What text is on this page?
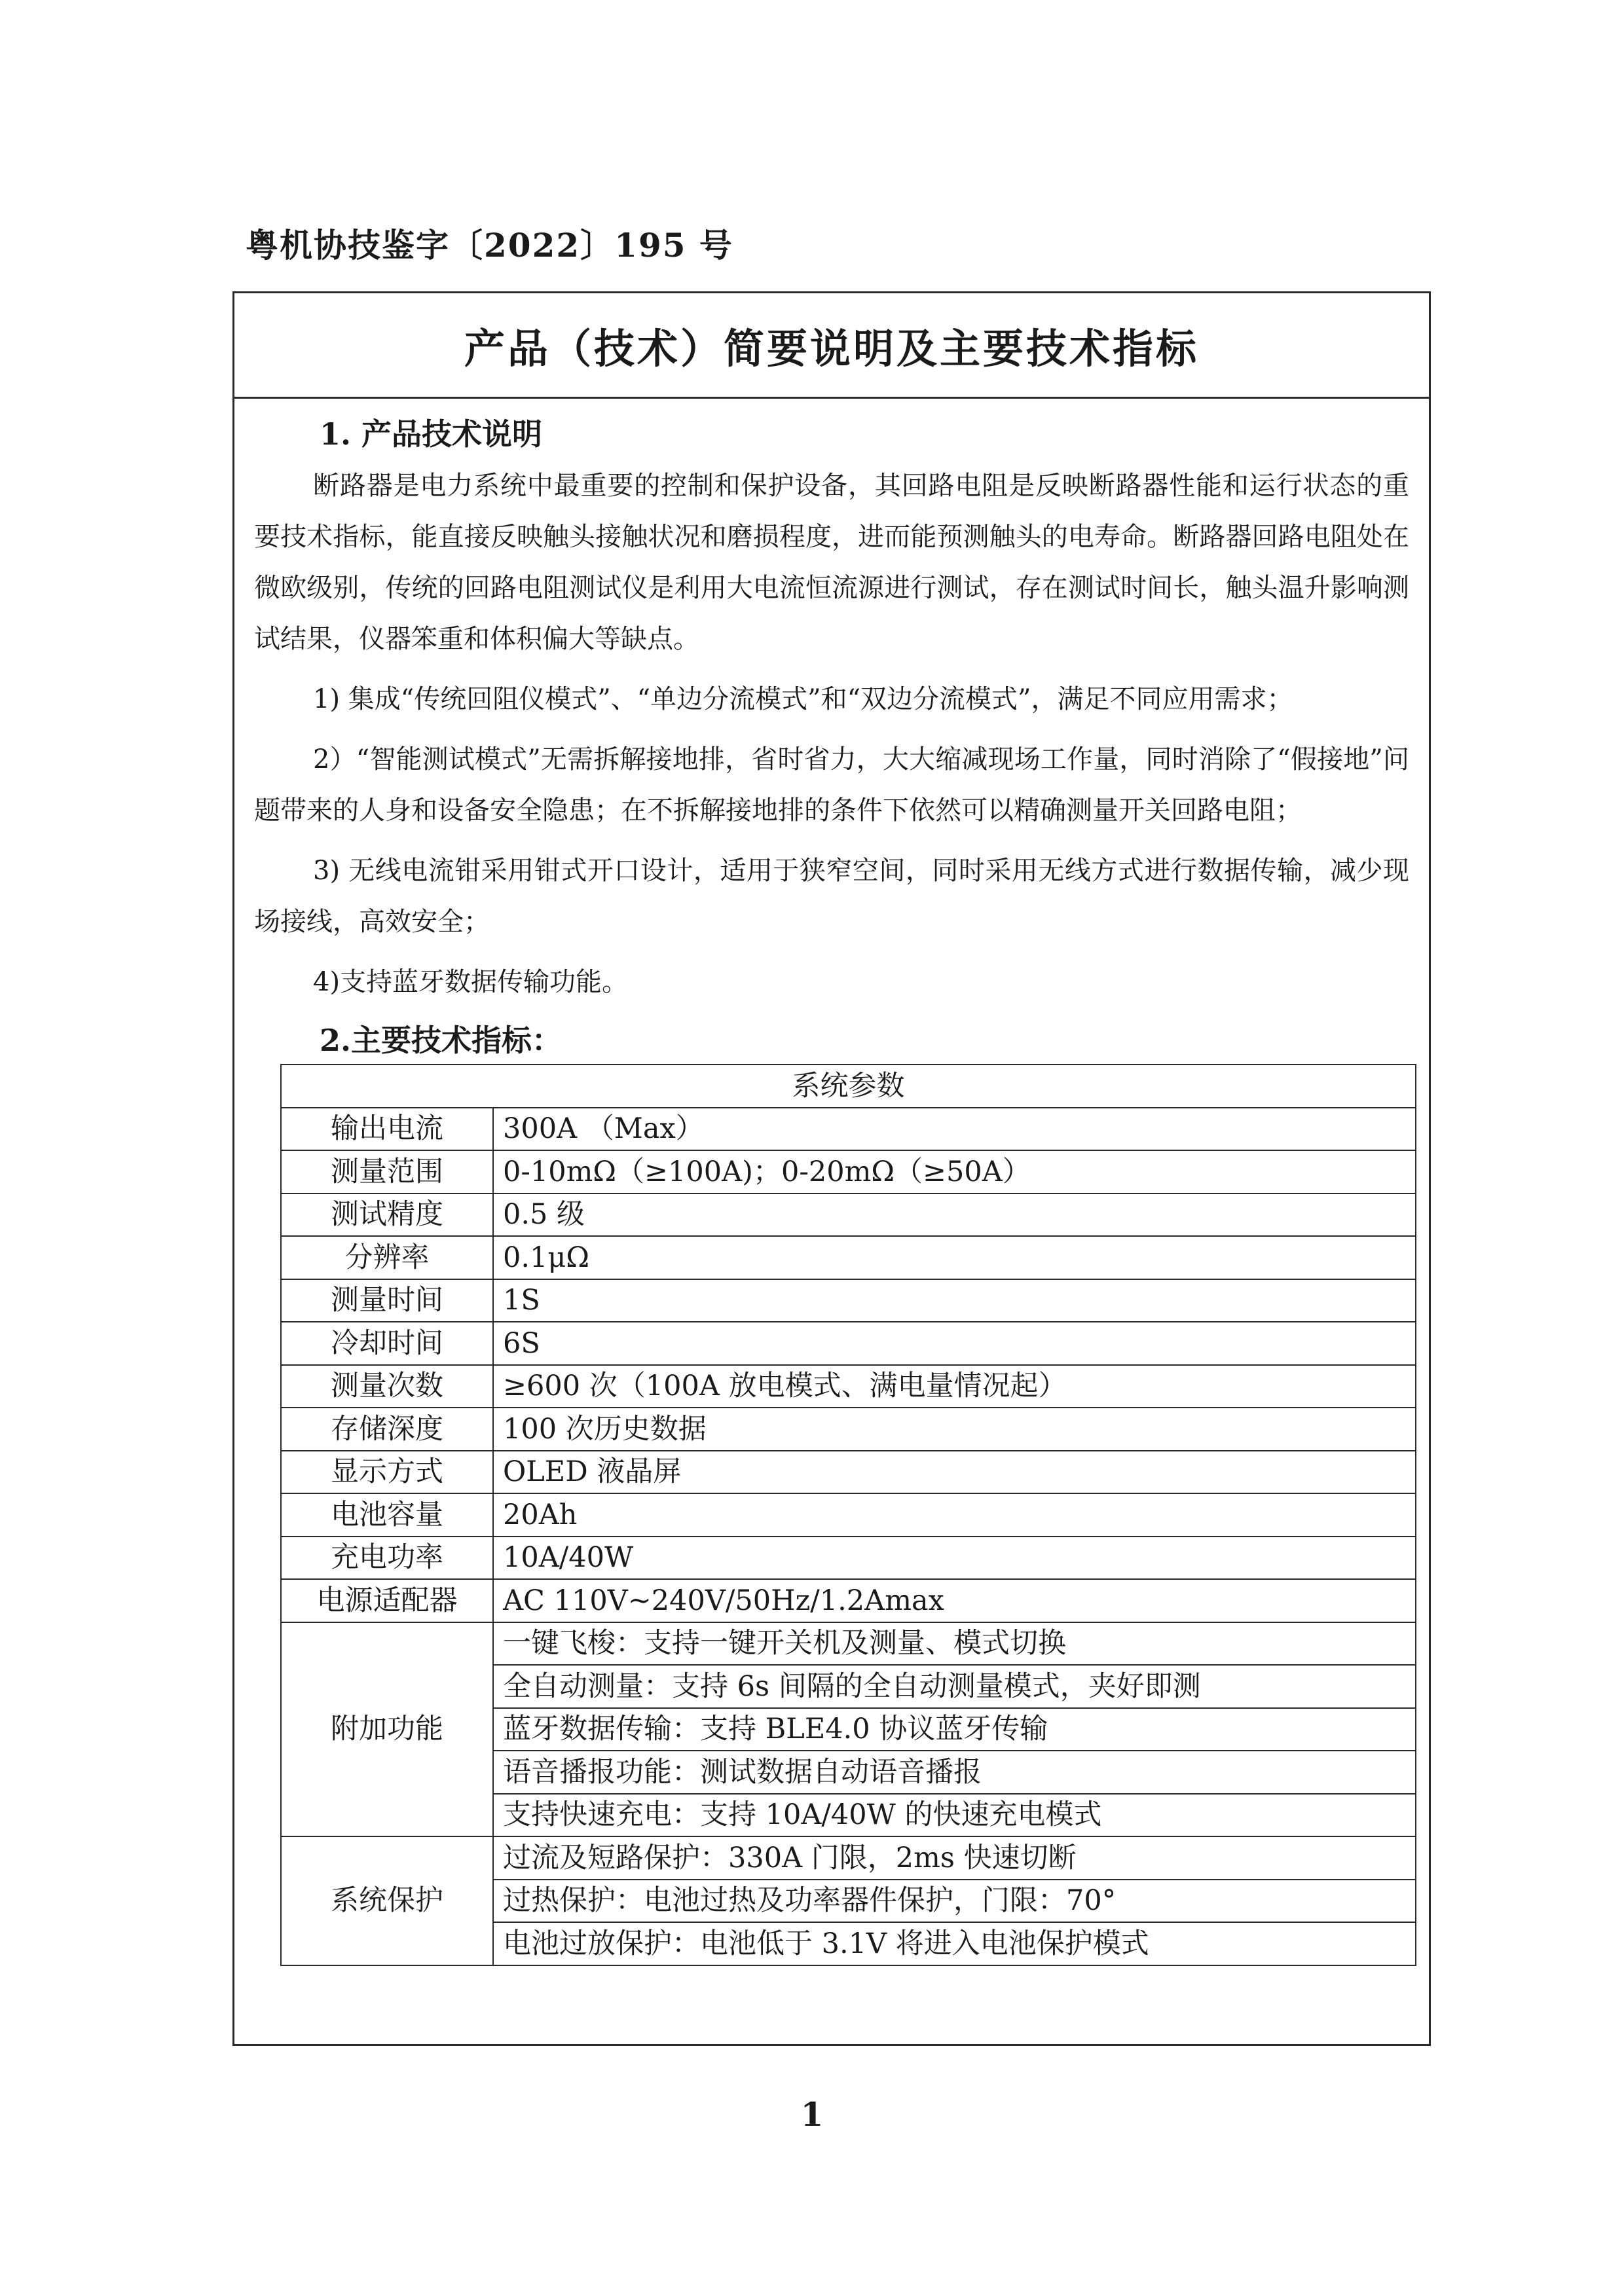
粤机协技鉴字〔2022〕195 号
产品（技术）简要说明及主要技术指标
1. 产品技术说明

断路器是电力系统中最重要的控制和保护设备，其回路电阻是反映断路器性能和运行状态的重要技术指标，能直接反映触头接触状况和磨损程度，进而能预测触头的电寿命。断路器回路电阻处在微欧级别，传统的回路电阻测试仪是利用大电流恒流源进行测试，存在测试时间长，触头温升影响测试结果，仪器笨重和体积偏大等缺点。

1) 集成“传统回阻仪模式”、“单边分流模式”和“双边分流模式”，满足不同应用需求；

2）“智能测试模式”无需拆解接地排，省时省力，大大缩减现场工作量，同时消除了“假接地”问题带来的人身和设备安全隐患；在不拆解接地排的条件下依然可以精确测量开关回路电阻；

3) 无线电流钳采用钳式开口设计，适用于狭窄空间，同时采用无线方式进行数据传输，减少现场接线，高效安全；

4)支持蓝牙数据传输功能。

2.主要技术指标：
系统参数	
输出电流	300A （Max）
测量范围	0-10mΩ（≥100A)；0-20mΩ（≥50A）
测试精度	0.5 级
分辨率	0.1μΩ
测量时间	1S
冷却时间	6S
测量次数	≥600 次（100A 放电模式、满电量情况起）
存储深度	100 次历史数据
显示方式	OLED 液晶屏
电池容量	20Ah
充电功率	10A/40W
电源适配器	AC 110V~240V/50Hz/1.2Amax
附加功能	一键飞梭：支持一键开关机及测量、模式切换
	全自动测量：支持 6s 间隔的全自动测量模式，夹好即测
	蓝牙数据传输：支持 BLE4.0 协议蓝牙传输
	语音播报功能：测试数据自动语音播报
	支持快速充电：支持 10A/40W 的快速充电模式
系统保护	过流及短路保护：330A 门限，2ms 快速切断
	过热保护：电池过热及功率器件保护，门限：70°
	电池过放保护：电池低于 3.1V 将进入电池保护模式
1
